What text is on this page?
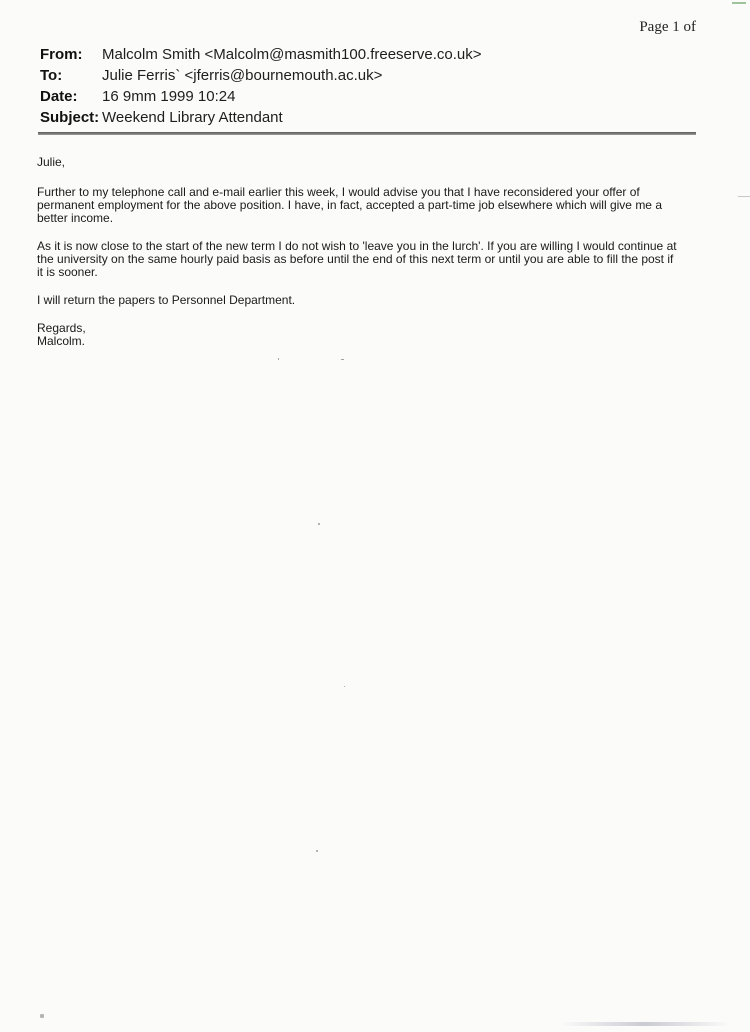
Page 1 of
From:	Malcolm Smith <Malcolm@masmith100.freeserve.co.uk>
To:	Julie Ferris` <jferris@bournemouth.ac.uk>
Date:	16 9mm 1999 10:24
Subject: Weekend Library Attendant

Julie,

Further to my telephone call and e-mail earlier this week, I would advise you that I have reconsidered your offer of
permanent employment for the above position. I have, in fact, accepted a part-time job elsewhere which will give me a
better income.

As it is now close to the start of the new term I do not wish to 'leave you in the lurch'. If you are willing I would continue at
the university on the same hourly paid basis as before until the end of this next term or until you are able to fill the post if
it is sooner.

I will return the papers to Personnel Department.

Regards,
Malcolm.
